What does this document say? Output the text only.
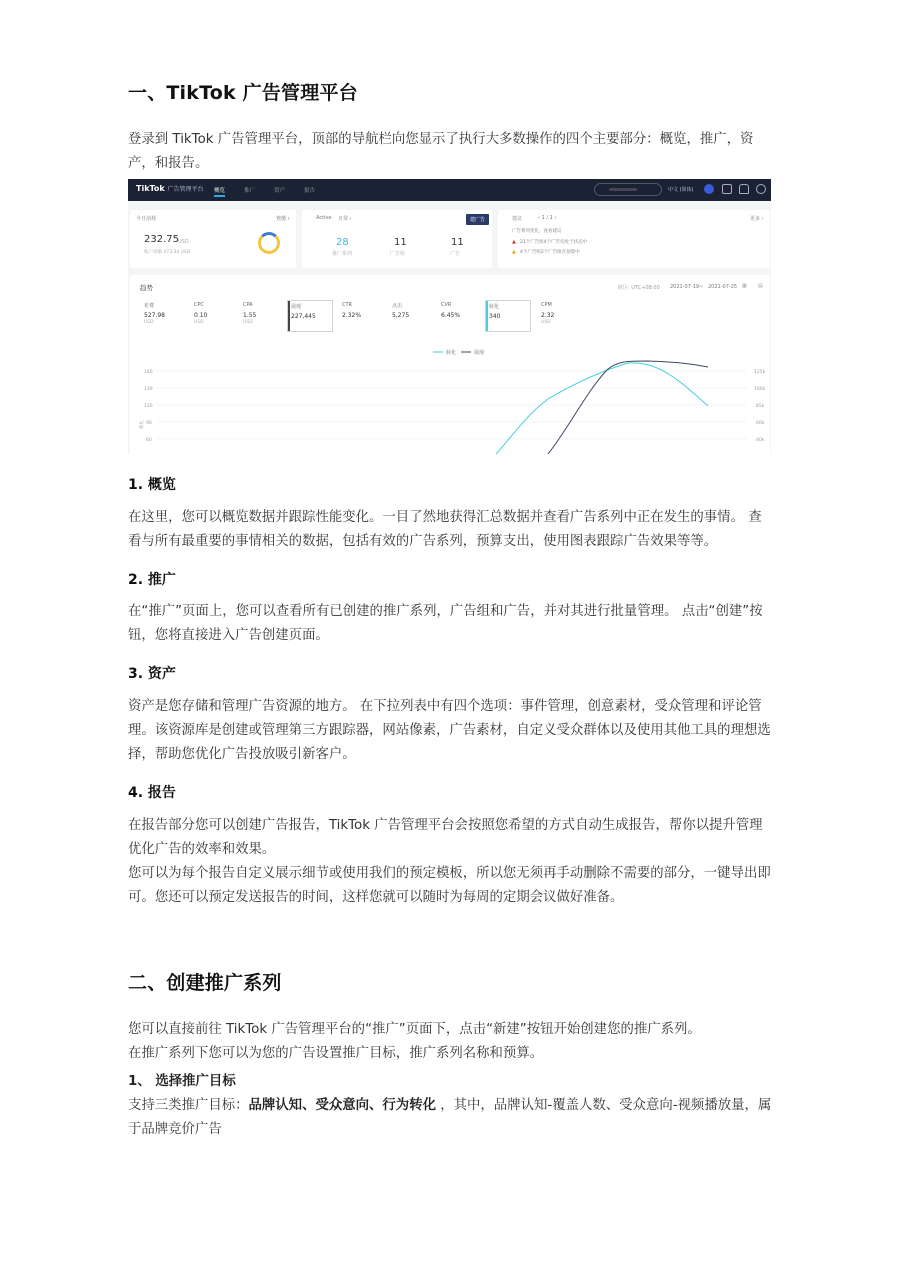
一、TikTok 广告管理平台

登录到 TikTok 广告管理平台，顶部的导航栏向您显示了执行大多数操作的四个主要部分：概览，推广，资产，和报告。

TikTok 广告管理平台 概览	推广	资产	报告	中文 (简体)
今日消耗	充值 ›
232.75 USD
账户余额 473.34 USD
Active 日常 ›	建广告
28
推广系列
11
广告组
11
广告
建议	‹ 1 / 1 ›	更多 ›
广告系列优化，查看建议
▲ 21个广告组4个广告均处于状态中
▲ 4个广告组2个广告组在预算中
趋势	时区: UTC+08:00 2021-07-19 ~ 2021-07-25 ▦ ▤
花费
527.98
USD
CPC
0.10
USD
CPA
1.55
USD
展现
227,445
CTR
2.32%
点击
5,275
CVR
6.45%
转化
340
CPM
2.32
USD
转化	展现
140
130
120
90
60
125k
100k
85k
60k
40k
转化
1. 概览

在这里，您可以概览数据并跟踪性能变化。一目了然地获得汇总数据并查看广告系列中正在发生的事情。 查看与所有最重要的事情相关的数据，包括有效的广告系列，预算支出，使用图表跟踪广告效果等等。

2. 推广

在“推广”页面上，您可以查看所有已创建的推广系列，广告组和广告，并对其进行批量管理。 点击“创建”按钮，您将直接进入广告创建页面。

3. 资产

资产是您存储和管理广告资源的地方。 在下拉列表中有四个选项：事件管理，创意素材，受众管理和评论管理。该资源库是创建或管理第三方跟踪器，网站像素，广告素材，自定义受众群体以及使用其他工具的理想选择，帮助您优化广告投放吸引新客户。

4. 报告

在报告部分您可以创建广告报告，TikTok 广告管理平台会按照您希望的方式自动生成报告，帮你以提升管理优化广告的效率和效果。

您可以为每个报告自定义展示细节或使用我们的预定模板，所以您无须再手动删除不需要的部分，一键导出即可。您还可以预定发送报告的时间，这样您就可以随时为每周的定期会议做好准备。

二、创建推广系列

您可以直接前往 TikTok 广告管理平台的“推广”页面下，点击“新建”按钮开始创建您的推广系列。

在推广系列下您可以为您的广告设置推广目标，推广系列名称和预算。

1、 选择推广目标

支持三类推广目标：品牌认知、受众意向、行为转化 ，其中，品牌认知-覆盖人数、受众意向-视频播放量，属于品牌竞价广告
